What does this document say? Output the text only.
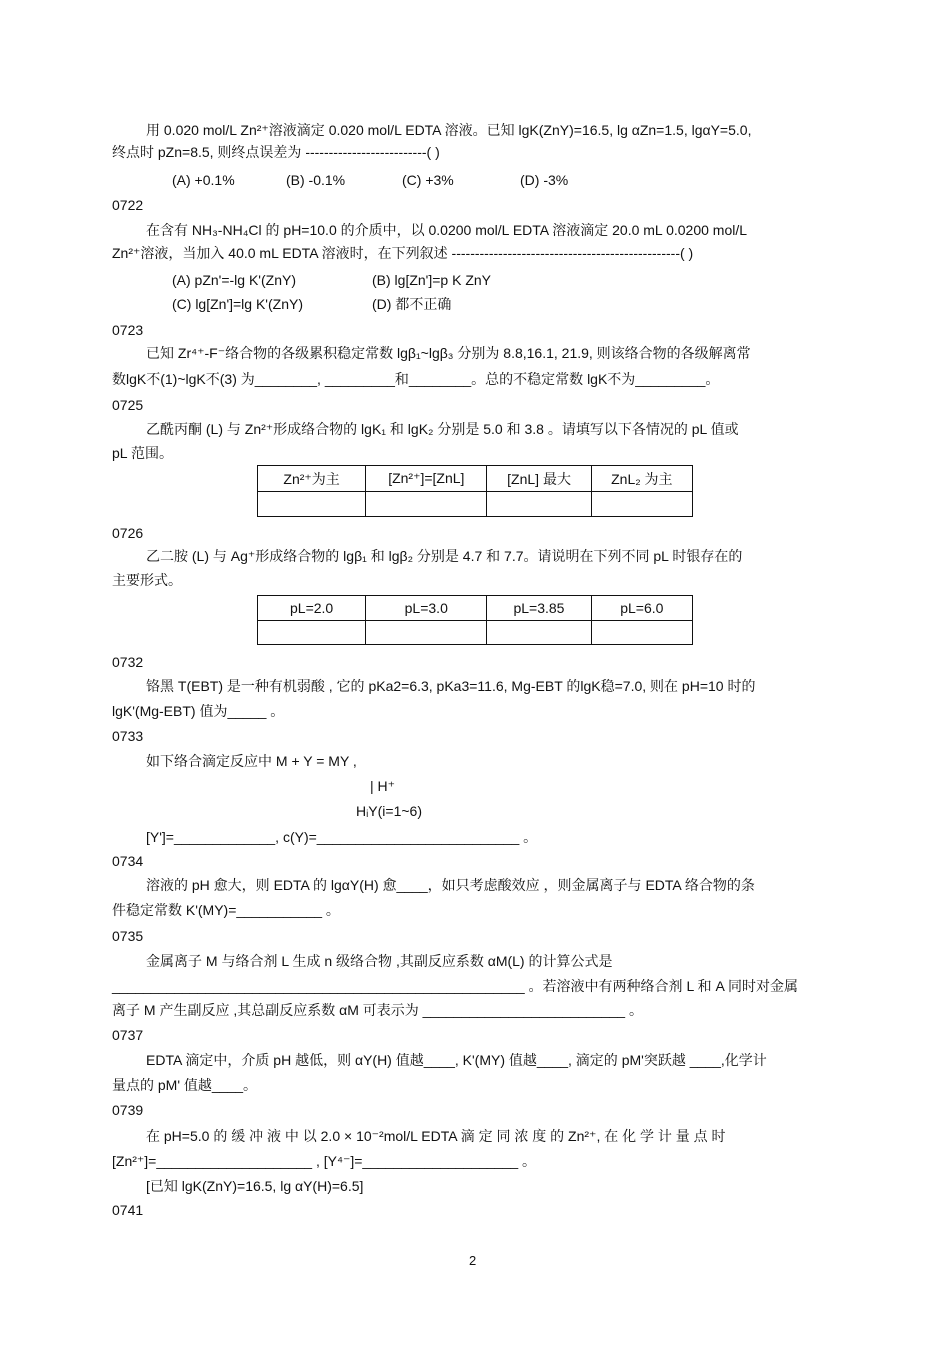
用 0.020 mol/L Zn²⁺溶液滴定 0.020 mol/L EDTA 溶液。已知 lgK(ZnY)=16.5, lg αZn=1.5, lgαY=5.0,
终点时 pZn=8.5, 则终点误差为 --------------------------( )
(A) +0.1%	(B) -0.1%	(C) +3%	(D) -3%
0722
在含有 NH₃-NH₄Cl 的 pH=10.0 的介质中，以 0.0200 mol/L EDTA 溶液滴定 20.0 mL 0.0200 mol/L
Zn²⁺溶液，当加入 40.0 mL EDTA 溶液时，在下列叙述 -------------------------------------------------( )
(A) pZn'=-lg K'(ZnY)	(B) lg[Zn']=p K ZnY
(C) lg[Zn']=lg K'(ZnY)	(D) 都不正确
0723
已知 Zr⁴⁺-F⁻络合物的各级累积稳定常数 lgβ₁~lgβ₃ 分别为 8.8,16.1, 21.9, 则该络合物的各级解离常
数lgK不(1)~lgK不(3) 为________, _________和________。总的不稳定常数 lgK不为_________。
0725
乙酰丙酮 (L) 与 Zn²⁺形成络合物的 lgK₁ 和 lgK₂ 分别是 5.0 和 3.8 。请填写以下各情况的 pL 值或
pL 范围。
Zn²⁺为主	[Zn²⁺]=[ZnL]	[ZnL] 最大	ZnL₂ 为主

0726
乙二胺 (L) 与 Ag⁺形成络合物的 lgβ₁ 和 lgβ₂ 分别是 4.7 和 7.7。请说明在下列不同 pL 时银存在的
主要形式。
pL=2.0	pL=3.0	pL=3.85	pL=6.0

0732
铬黑 T(EBT) 是一种有机弱酸 , 它的 pKa2=6.3, pKa3=11.6, Mg-EBT 的lgK稳=7.0, 则在 pH=10 时的
lgK'(Mg-EBT) 值为_____ 。
0733
如下络合滴定反应中 M + Y = MY ,
| H⁺
HᵢY(i=1~6)
[Y']=_____________, c(Y)=__________________________ 。
0734
溶液的 pH 愈大，则 EDTA 的 lgαY(H) 愈____，如只考虑酸效应 ，则金属离子与 EDTA 络合物的条
件稳定常数 K'(MY)=___________ 。
0735
金属离子 M 与络合剂 L 生成 n 级络合物 ,其副反应系数 αM(L) 的计算公式是
_____________________________________________________ 。若溶液中有两种络合剂 L 和 A 同时对金属
离子 M 产生副反应 ,其总副反应系数 αM 可表示为 __________________________ 。
0737
EDTA 滴定中，介质 pH 越低，则 αY(H) 值越____, K'(MY) 值越____, 滴定的 pM'突跃越 ____,化学计
量点的 pM' 值越____。
0739
在 pH=5.0 的 缓 冲 液 中 以 2.0 × 10⁻²mol/L EDTA 滴 定 同 浓 度 的 Zn²⁺, 在 化 学 计 量 点 时
[Zn²⁺]=____________________ , [Y⁴⁻]=____________________ 。
[已知 lgK(ZnY)=16.5, lg αY(H)=6.5]
0741
2
